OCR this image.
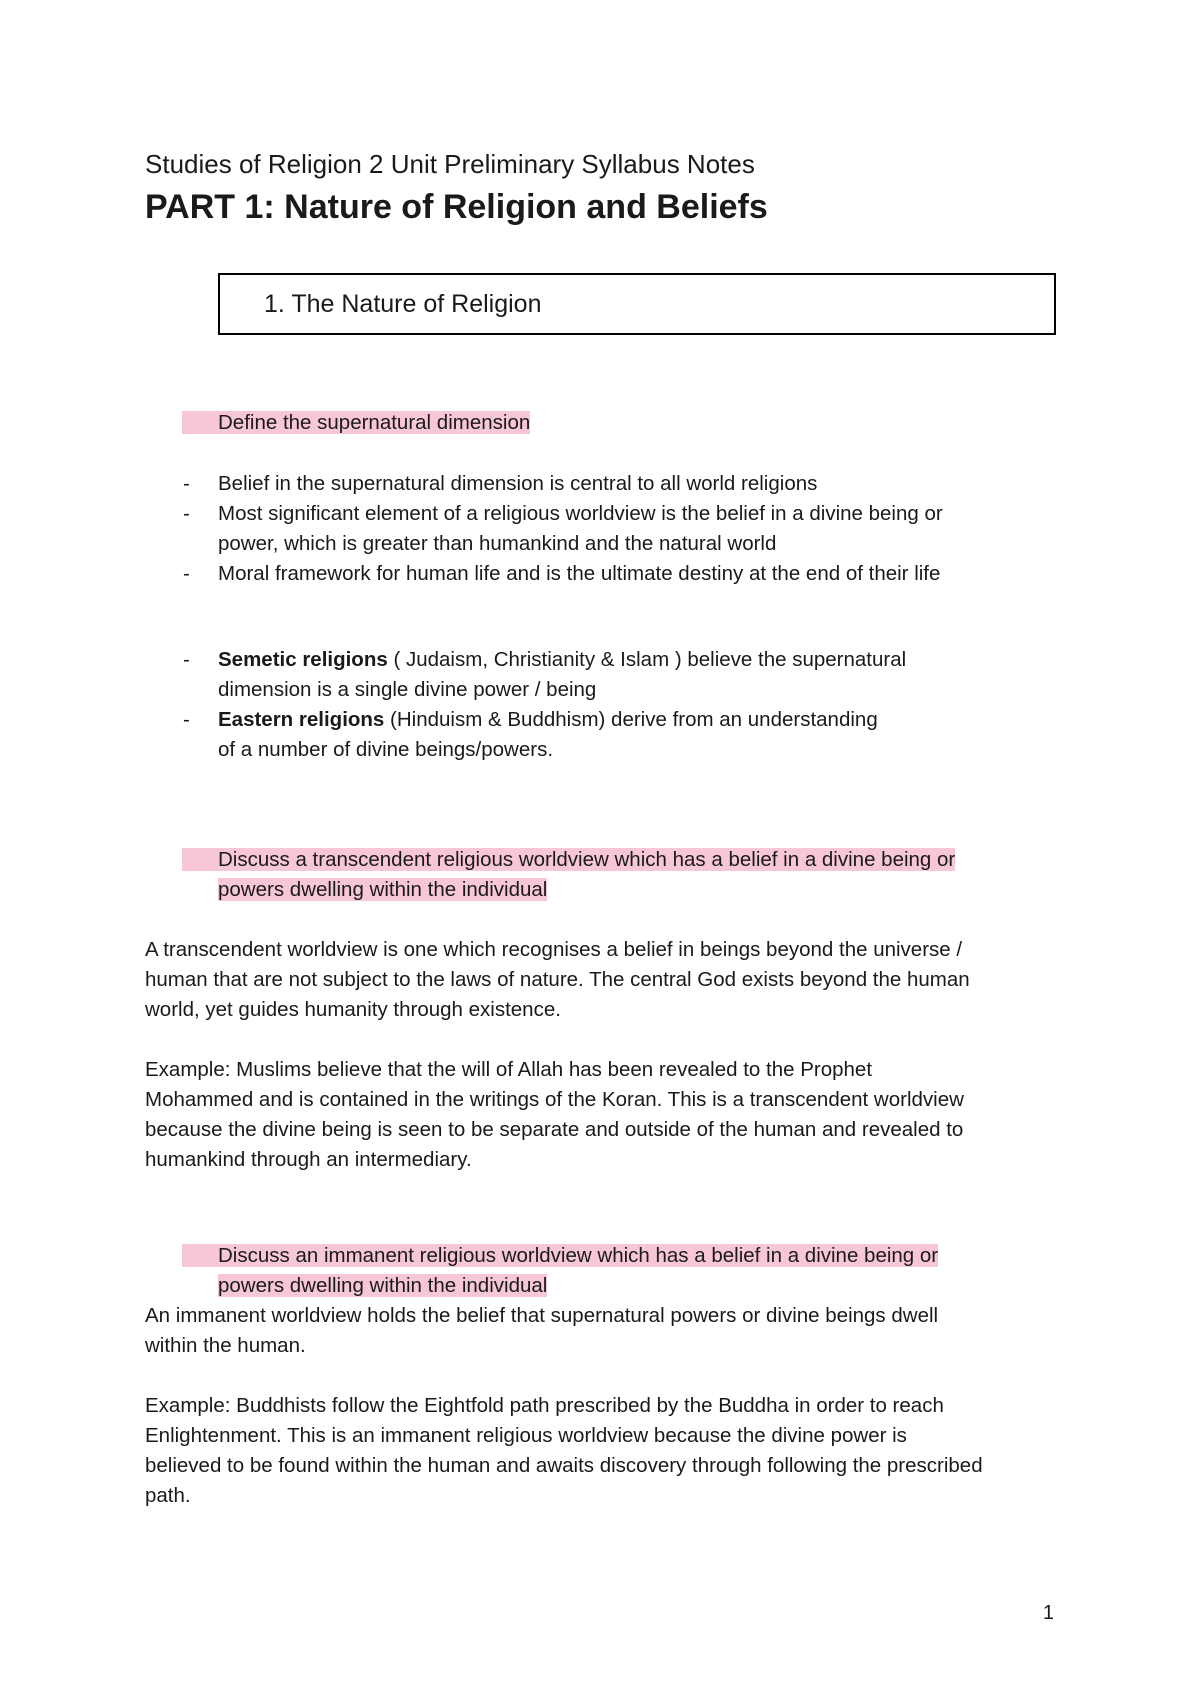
Studies of Religion 2 Unit Preliminary Syllabus Notes
PART 1: Nature of Religion and Beliefs
1. The Nature of Religion
Define the supernatural dimension
- Belief in the supernatural dimension is central to all world religions
- Most significant element of a religious worldview is the belief in a divine being or
power, which is greater than humankind and the natural world
- Moral framework for human life and is the ultimate destiny at the end of their life
- Semetic religions ( Judaism, Christianity & Islam ) believe the supernatural
dimension is a single divine power / being
- Eastern religions (Hinduism & Buddhism) derive from an understanding
of a number of divine beings/powers.
Discuss a transcendent religious worldview which has a belief in a divine being or
powers dwelling within the individual
A transcendent worldview is one which recognises a belief in beings beyond the universe /
human that are not subject to the laws of nature. The central God exists beyond the human
world, yet guides humanity through existence.
Example: Muslims believe that the will of Allah has been revealed to the Prophet
Mohammed and is contained in the writings of the Koran. This is a transcendent worldview
because the divine being is seen to be separate and outside of the human and revealed to
humankind through an intermediary.
Discuss an immanent religious worldview which has a belief in a divine being or
powers dwelling within the individual
An immanent worldview holds the belief that supernatural powers or divine beings dwell
within the human.
Example: Buddhists follow the Eightfold path prescribed by the Buddha in order to reach
Enlightenment. This is an immanent religious worldview because the divine power is
believed to be found within the human and awaits discovery through following the prescribed
path.
1
